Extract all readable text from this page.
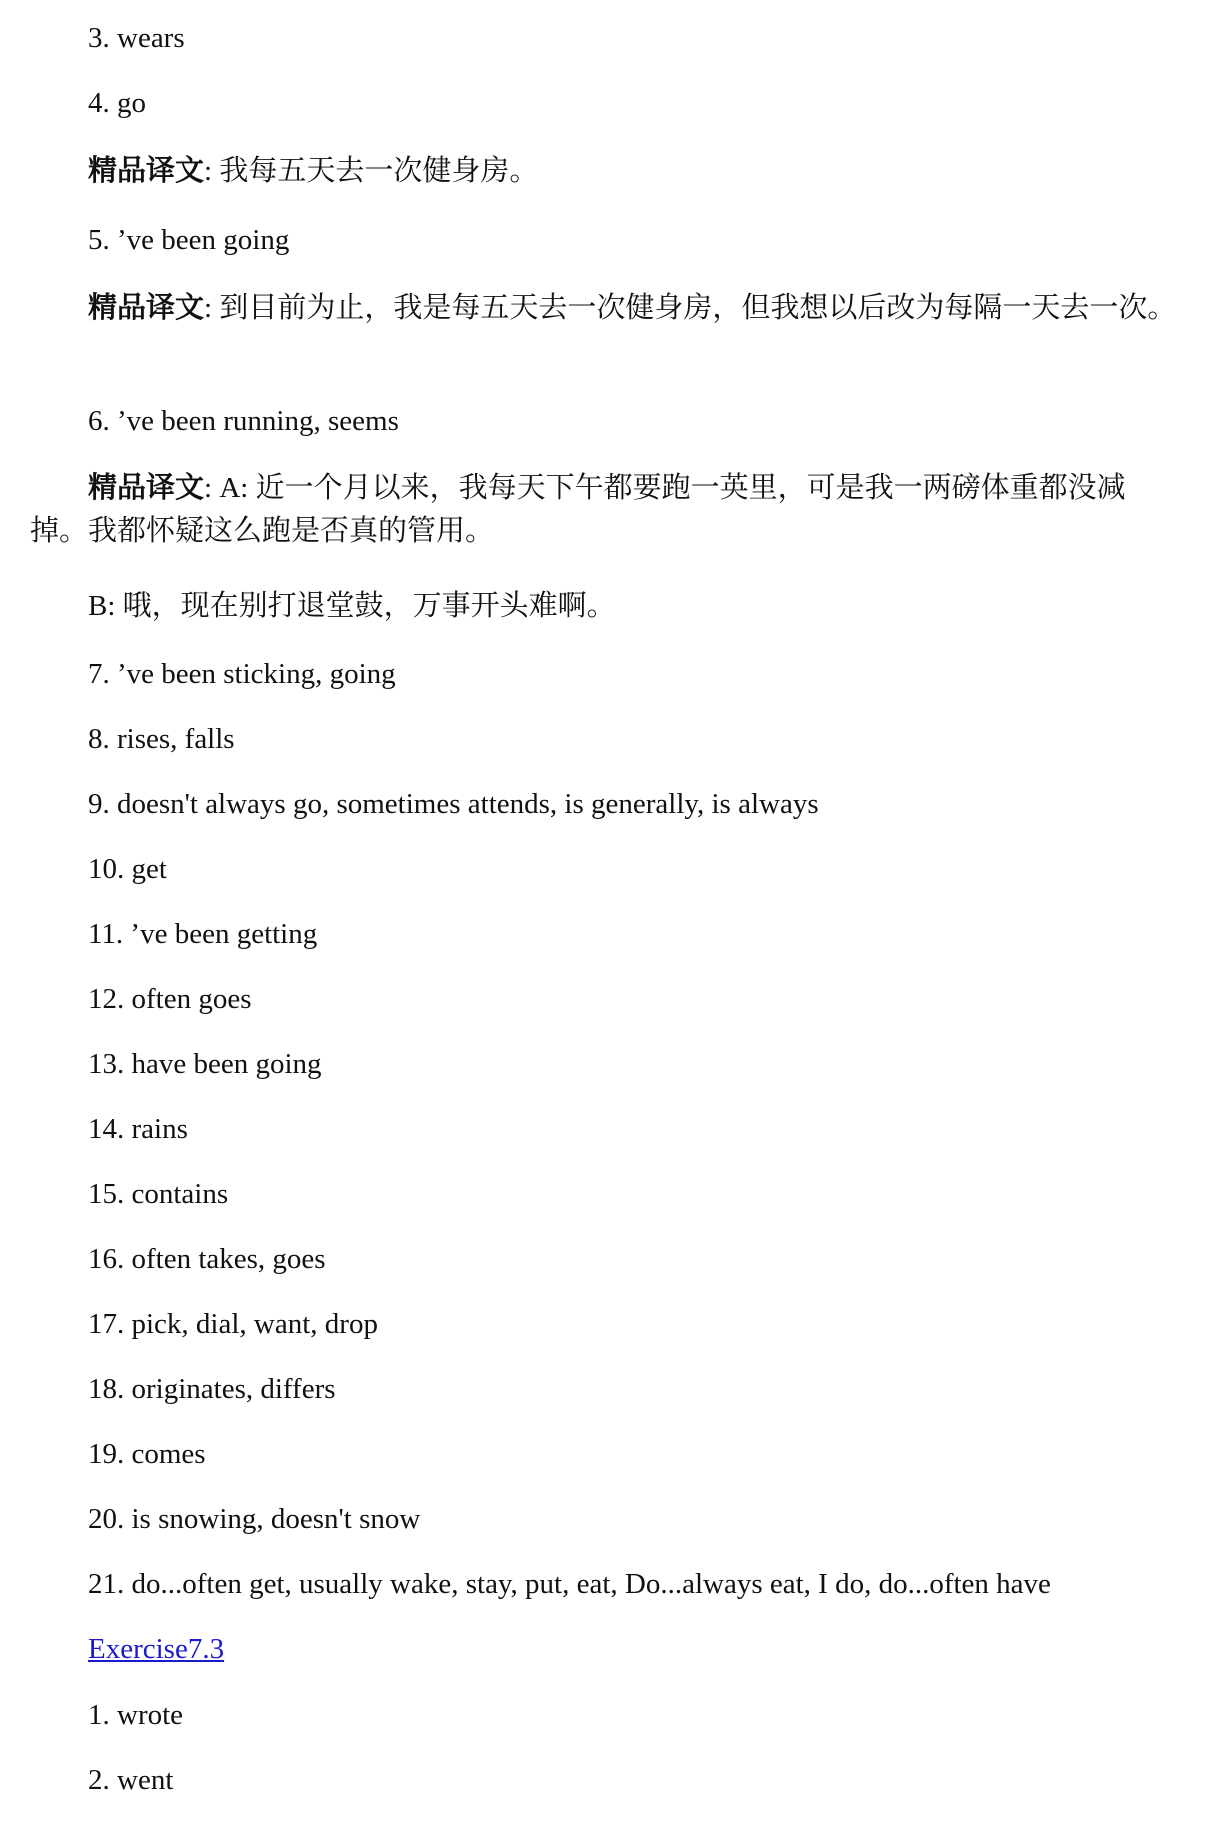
3. wears
4. go
精品译文: 我每五天去一次健身房。
5. ’ve been going
精品译文: 到目前为止，我是每五天去一次健身房，但我想以后改为每隔一天去一次。
6. ’ve been running, seems
精品译文: A: 近一个月以来，我每天下午都要跑一英里，可是我一两磅体重都没减掉。我都怀疑这么跑是否真的管用。
B: 哦，现在别打退堂鼓，万事开头难啊。
7. ’ve been sticking, going
8. rises, falls
9. doesn't always go, sometimes attends, is generally, is always
10. get
11. ’ve been getting
12. often goes
13. have been going
14. rains
15. contains
16. often takes, goes
17. pick, dial, want, drop
18. originates, differs
19. comes
20. is snowing, doesn't snow
21. do...often get, usually wake, stay, put, eat, Do...always eat, I do, do...often have
Exercise7.3
1. wrote
2. went
